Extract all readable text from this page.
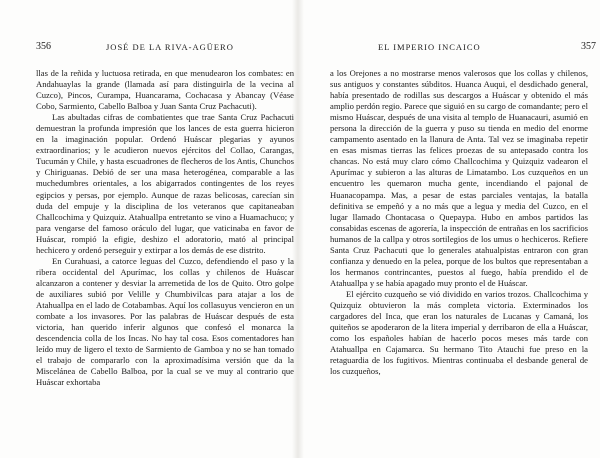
356	JOSÉ DE LA RIVA-AGÜERO

llas de la reñida y luctuosa retirada, en que menudearon los combates: en Andahuaylas la grande (llamada así para distinguirla de la vecina al Cuzco), Pincos, Curampa, Huancarama, Cochacasa y Abancay (Véase Cobo, Sarmiento, Cabello Balboa y Juan Santa Cruz Pachacuti).

Las abultadas cifras de combatientes que trae Santa Cruz Pachacuti demuestran la profunda impresión que los lances de esta guerra hicieron en la imaginación popular. Ordenó Huáscar plegarias y ayunos extraordinarios; y le acudieron nuevos ejércitos del Collao, Carangas, Tucumán y Chile, y hasta escuadrones de flecheros de los Antis, Chunchos y Chiriguanas. Debió de ser una masa heterogénea, comparable a las muchedumbres orientales, a los abigarrados contingentes de los reyes egipcios y persas, por ejemplo. Aunque de razas belicosas, carecían sin duda del empuje y la disciplina de los veteranos que capitaneaban Challcochima y Quizquiz. Atahuallpa entretanto se vino a Huamachuco; y para vengarse del famoso oráculo del lugar, que vaticinaba en favor de Huáscar, rompió la efigie, deshizo el adoratorio, mató al principal hechicero y ordenó perseguir y extirpar a los demás de ese distrito.

En Curahuasi, a catorce leguas del Cuzco, defendiendo el paso y la ribera occidental del Apurímac, los collas y chilenos de Huáscar alcanzaron a contener y desviar la arremetida de los de Quito. Otro golpe de auxiliares subió por Velille y Chumbivilcas para atajar a los de Atahuallpa en el lado de Cotabambas. Aquí los collasuyus vencieron en un combate a los invasores. Por las palabras de Huáscar después de esta victoria, han querido inferir algunos que confesó el monarca la descendencia colla de los Incas. No hay tal cosa. Esos comentadores han leído muy de ligero el texto de Sarmiento de Gamboa y no se han tomado el trabajo de compararlo con la aproximadísima versión que da la Miscelánea de Cabello Balboa, por la cual se ve muy al contrario que Huáscar exhortaba

EL IMPERIO INCAICO	357

a los Orejones a no mostrarse menos valerosos que los collas y chilenos, sus antiguos y constantes súbditos. Huanca Auqui, el desdichado general, había presentado de rodillas sus descargos a Huáscar y obtenido el más amplio perdón regio. Parece que siguió en su cargo de comandante; pero el mismo Huáscar, después de una visita al templo de Huanacauri, asumió en persona la dirección de la guerra y puso su tienda en medio del enorme campamento asentado en la llanura de Anta. Tal vez se imaginaba repetir en esas mismas tierras las felices proezas de su antepasado contra los chancas. No está muy claro cómo Challcochima y Quizquiz vadearon el Apurímac y subieron a las alturas de Limatambo. Los cuzqueños en un encuentro les quemaron mucha gente, incendiando el pajonal de Huanacopampa. Mas, a pesar de estas parciales ventajas, la batalla definitiva se empeñó y a no más que a legua y media del Cuzco, en el lugar llamado Chontacasa o Quepaypa. Hubo en ambos partidos las consabidas escenas de agorería, la inspección de entrañas en los sacrificios humanos de la callpa y otros sortilegios de los umus o hechiceros. Refiere Santa Cruz Pachacuti que lo generales atahualpistas entraron con gran confianza y denuedo en la pelea, porque de los bultos que representaban a los hermanos contrincantes, puestos al fuego, había prendido el de Atahuallpa y se había apagado muy pronto el de Huáscar.

El ejército cuzqueño se vió dividido en varios trozos. Challcochima y Quizquiz obtuvieron la más completa victoria. Exterminados los cargadores del Inca, que eran los naturales de Lucanas y Camaná, los quiteños se apoderaron de la litera imperial y derribaron de ella a Huáscar, como los españoles habían de hacerlo pocos meses más tarde con Atahuallpa en Cajamarca. Su hermano Tito Atauchi fue preso en la retaguardia de los fugitivos. Mientras continuaba el desbande general de los cuzqueños,
